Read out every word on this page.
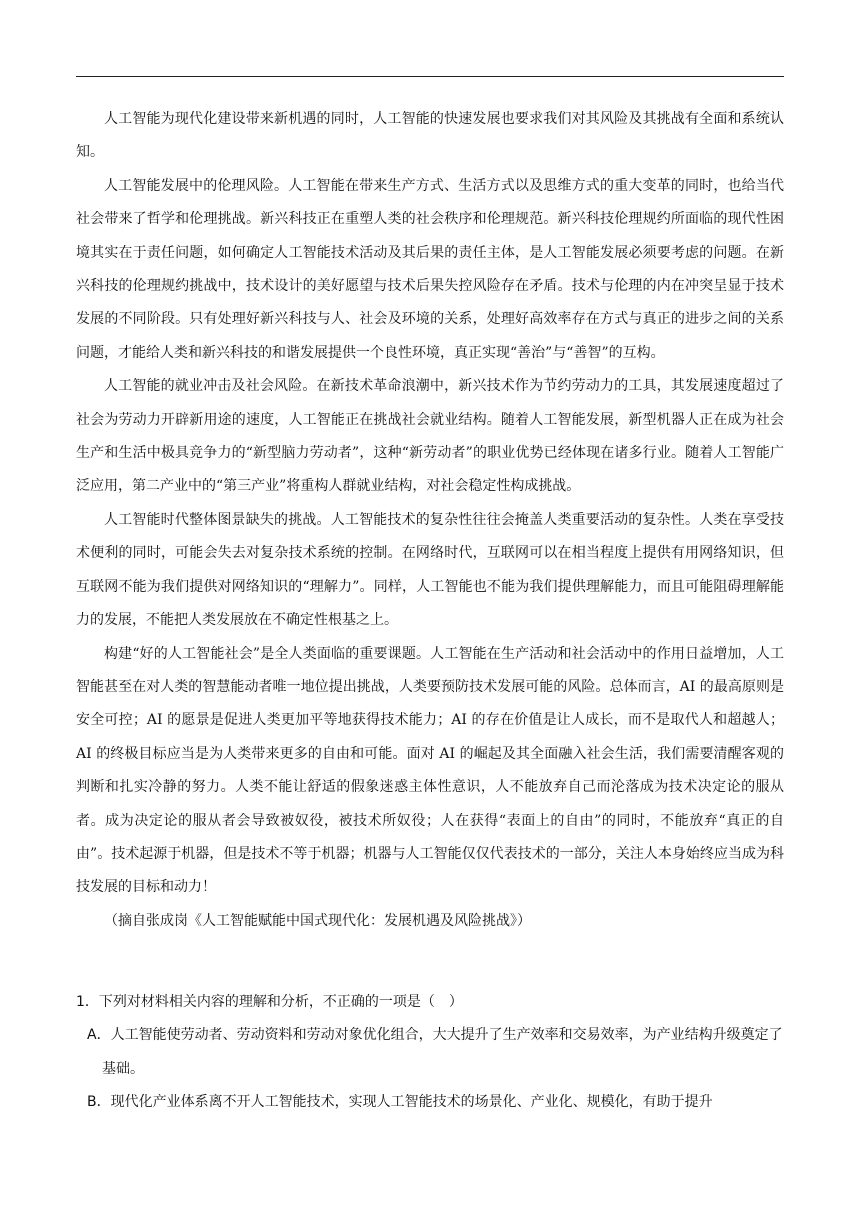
人工智能为现代化建设带来新机遇的同时，人工智能的快速发展也要求我们对其风险及其挑战有全面和系统认知。

人工智能发展中的伦理风险。人工智能在带来生产方式、生活方式以及思维方式的重大变革的同时，也给当代社会带来了哲学和伦理挑战。新兴科技正在重塑人类的社会秩序和伦理规范。新兴科技伦理规约所面临的现代性困境其实在于责任问题，如何确定人工智能技术活动及其后果的责任主体，是人工智能发展必须要考虑的问题。在新兴科技的伦理规约挑战中，技术设计的美好愿望与技术后果失控风险存在矛盾。技术与伦理的内在冲突呈显于技术发展的不同阶段。只有处理好新兴科技与人、社会及环境的关系，处理好高效率存在方式与真正的进步之间的关系问题，才能给人类和新兴科技的和谐发展提供一个良性环境，真正实现“善治”与“善智”的互构。

人工智能的就业冲击及社会风险。在新技术革命浪潮中，新兴技术作为节约劳动力的工具，其发展速度超过了社会为劳动力开辟新用途的速度，人工智能正在挑战社会就业结构。随着人工智能发展，新型机器人正在成为社会生产和生活中极具竞争力的“新型脑力劳动者”，这种“新劳动者”的职业优势已经体现在诸多行业。随着人工智能广泛应用，第二产业中的“第三产业”将重构人群就业结构，对社会稳定性构成挑战。

人工智能时代整体图景缺失的挑战。人工智能技术的复杂性往往会掩盖人类重要活动的复杂性。人类在享受技术便利的同时，可能会失去对复杂技术系统的控制。在网络时代，互联网可以在相当程度上提供有用网络知识，但互联网不能为我们提供对网络知识的“理解力”。同样，人工智能也不能为我们提供理解能力，而且可能阻碍理解能力的发展，不能把人类发展放在不确定性根基之上。

构建“好的人工智能社会”是全人类面临的重要课题。人工智能在生产活动和社会活动中的作用日益增加，人工智能甚至在对人类的智慧能动者唯一地位提出挑战，人类要预防技术发展可能的风险。总体而言，AI 的最高原则是安全可控；AI 的愿景是促进人类更加平等地获得技术能力；AI 的存在价值是让人成长，而不是取代人和超越人；AI 的终极目标应当是为人类带来更多的自由和可能。面对 AI 的崛起及其全面融入社会生活，我们需要清醒客观的判断和扎实冷静的努力。人类不能让舒适的假象迷惑主体性意识，人不能放弃自己而沦落成为技术决定论的服从者。成为决定论的服从者会导致被奴役，被技术所奴役；人在获得“表面上的自由”的同时，不能放弃“真正的自由”。技术起源于机器，但是技术不等于机器；机器与人工智能仅仅代表技术的一部分，关注人本身始终应当成为科技发展的目标和动力！

（摘自张成岗《人工智能赋能中国式现代化：发展机遇及风险挑战》）

1．下列对材料相关内容的理解和分析，不正确的一项是（　）

A．人工智能使劳动者、劳动资料和劳动对象优化组合，大大提升了生产效率和交易效率，为产业结构升级奠定了基础。

B．现代化产业体系离不开人工智能技术，实现人工智能技术的场景化、产业化、规模化，有助于提升
